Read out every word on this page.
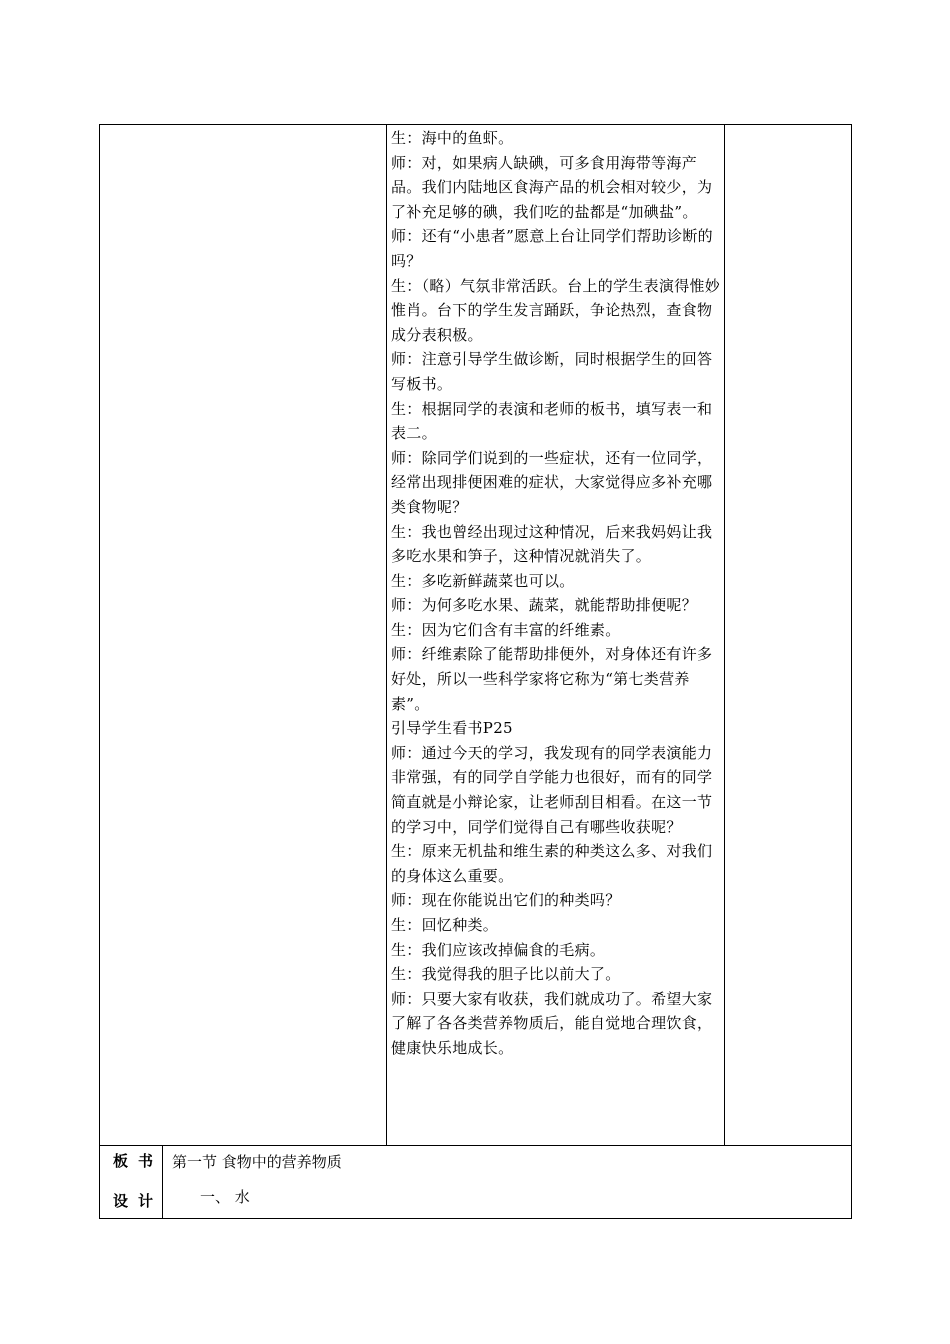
生：海中的鱼虾。

师：对，如果病人缺碘，可多食用海带等海产品。我们内陆地区食海产品的机会相对较少，为了补充足够的碘，我们吃的盐都是“加碘盐”。

师：还有“小患者”愿意上台让同学们帮助诊断的吗？

生：（略）气氛非常活跃。台上的学生表演得惟妙惟肖。台下的学生发言踊跃，争论热烈，查食物成分表积极。

师：注意引导学生做诊断，同时根据学生的回答写板书。

生：根据同学的表演和老师的板书，填写表一和表二。

师：除同学们说到的一些症状，还有一位同学，经常出现排便困难的症状，大家觉得应多补充哪类食物呢？

生：我也曾经出现过这种情况，后来我妈妈让我多吃水果和笋子，这种情况就消失了。

生：多吃新鲜蔬菜也可以。

师：为何多吃水果、蔬菜，就能帮助排便呢？

生：因为它们含有丰富的纤维素。

师：纤维素除了能帮助排便外，对身体还有许多好处，所以一些科学家将它称为“第七类营养素”。

引导学生看书P25

师：通过今天的学习，我发现有的同学表演能力非常强，有的同学自学能力也很好，而有的同学简直就是小辩论家，让老师刮目相看。在这一节的学习中，同学们觉得自己有哪些收获呢？

生：原来无机盐和维生素的种类这么多、对我们的身体这么重要。

师：现在你能说出它们的种类吗？

生：回忆种类。

生：我们应该改掉偏食的毛病。

生：我觉得我的胆子比以前大了。

师：只要大家有收获，我们就成功了。希望大家了解了各各类营养物质后，能自觉地合理饮食，健康快乐地成长。

板书
设计
第一节 食物中的营养物质
一、 水
